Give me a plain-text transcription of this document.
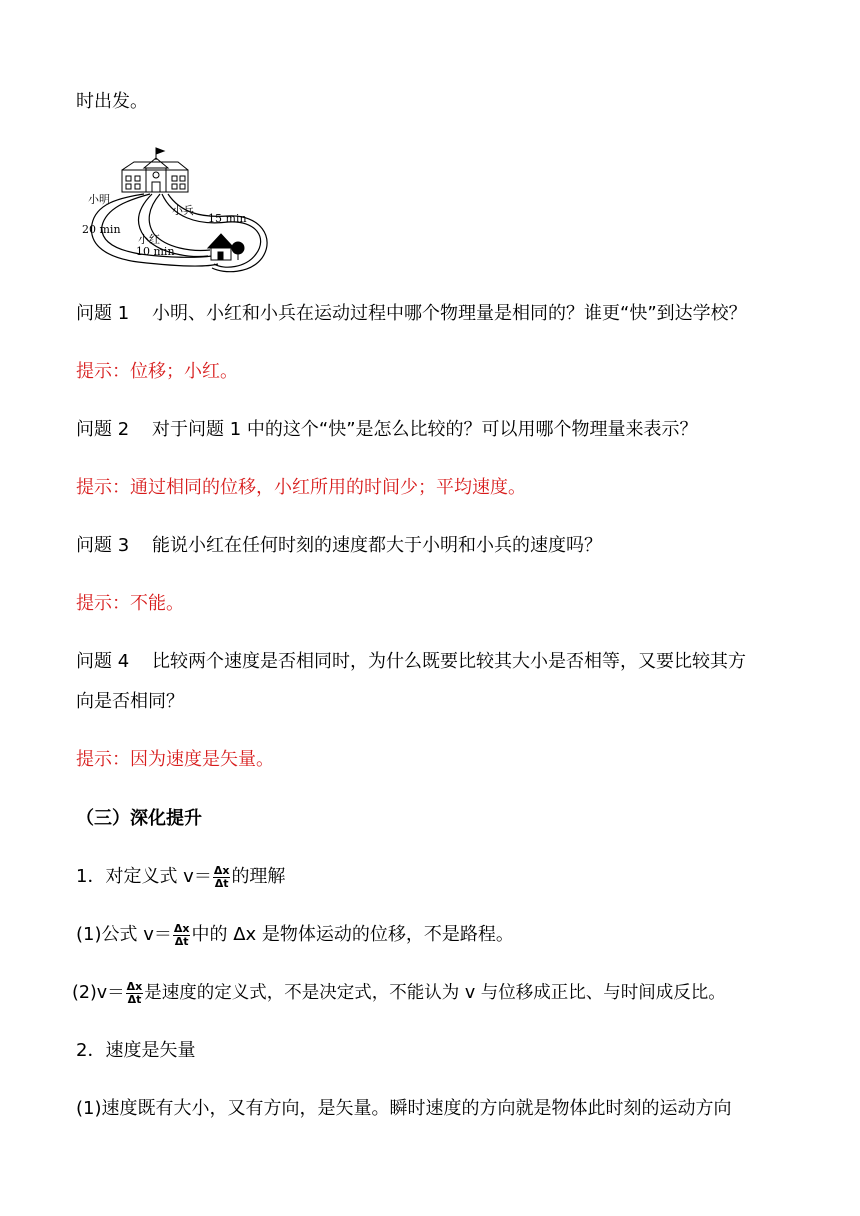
时出发。
小明
20 min
小红
10 min
小兵
15 min
问题 1 小明、小红和小兵在运动过程中哪个物理量是相同的？谁更“快”到达学校？
提示：位移；小红。
问题 2 对于问题 1 中的这个“快”是怎么比较的？可以用哪个物理量来表示？
提示：通过相同的位移，小红所用的时间少；平均速度。
问题 3 能说小红在任何时刻的速度都大于小明和小兵的速度吗？
提示：不能。
问题 4 比较两个速度是否相同时，为什么既要比较其大小是否相等，又要比较其方
向是否相同？
提示：因为速度是矢量。
（三）深化提升
1．对定义式 $v= \frac{\Delta x}{\Delta t}$ 的理解
(1)公式 $v= \frac{\Delta x}{\Delta t}$ 中的 Δx 是物体运动的位移，不是路程。
$(2)v= \frac{\Delta x}{\Delta t}$ 是速度的定义式，不是决定式，不能认为 v 与位移成正比、与时间成反比。
2．速度是矢量
(1)速度既有大小，又有方向，是矢量。瞬时速度的方向就是物体此时刻的运动方向
